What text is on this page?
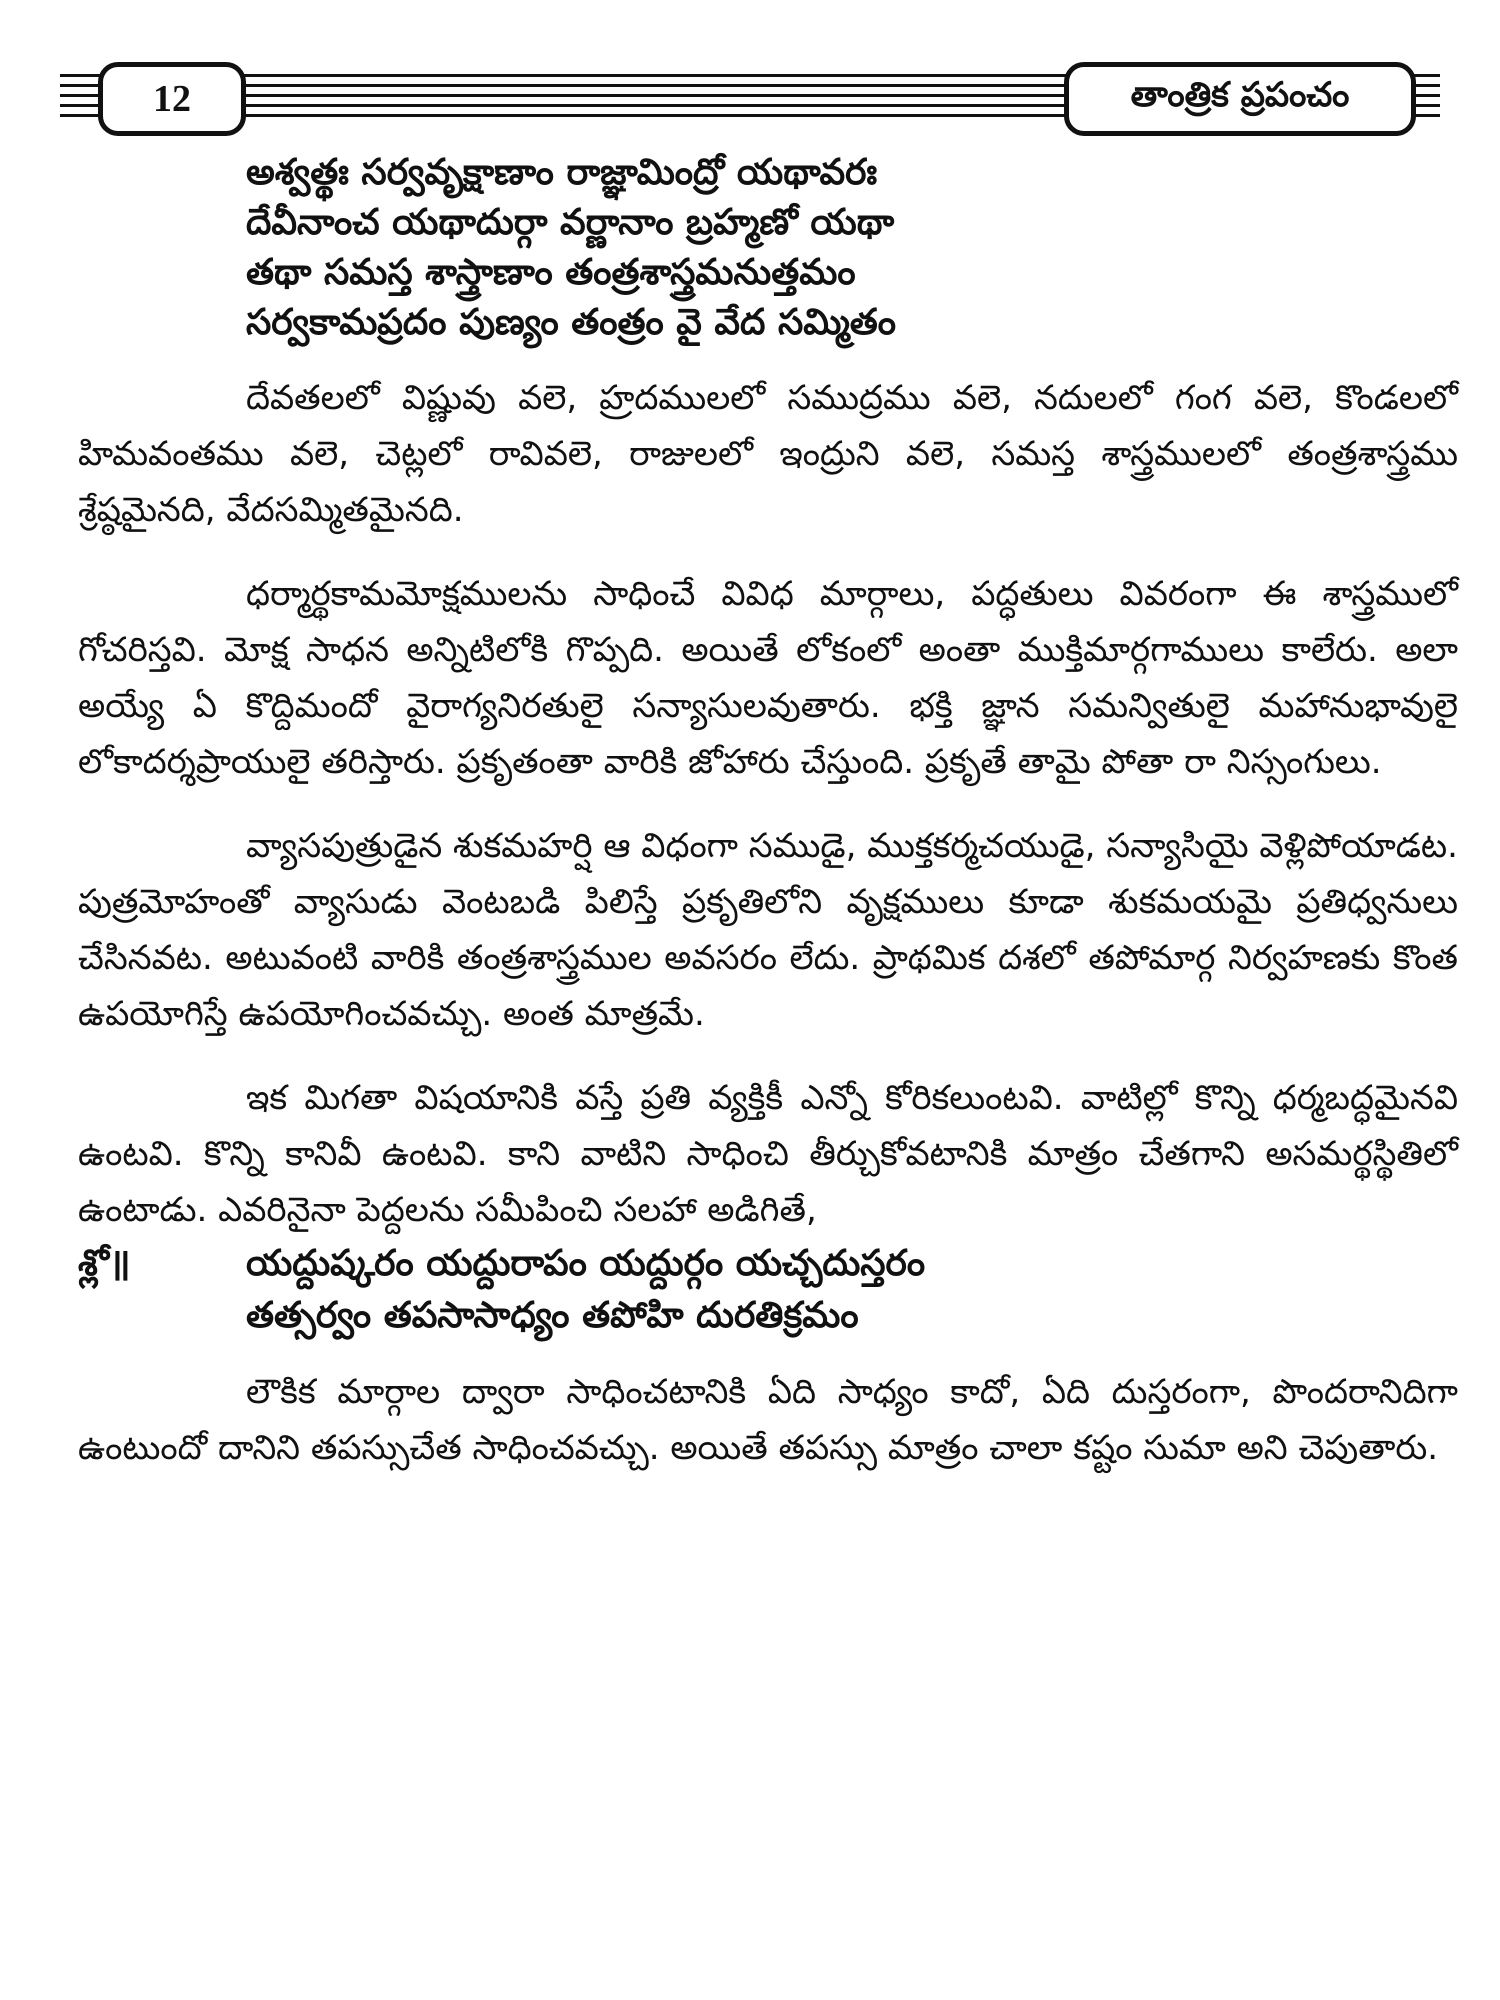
12	తాంత్రిక ప్రపంచం
అశ్వత్థః సర్వవృక్షాణాం రాజ్ఞామింద్రో యథావరః
దేవీనాంచ యథాదుర్గా వర్ణానాం బ్రహ్మణో యథా
తథా సమస్త శాస్త్రాణాం తంత్రశాస్త్రమనుత్తమం
సర్వకామప్రదం పుణ్యం తంత్రం వై వేద సమ్మితం

దేవతలలో విష్ణువు వలె, హ్రదములలో సముద్రము వలె, నదులలో గంగ వలె, కొండలలో హిమవంతము వలె, చెట్లలో రావివలె, రాజులలో ఇంద్రుని వలె, సమస్త శాస్త్రములలో తంత్రశాస్త్రము శ్రేష్ఠమైనది, వేదసమ్మితమైనది.

ధర్మార్థకామమోక్షములను సాధించే వివిధ మార్గాలు, పద్ధతులు వివరంగా ఈ శాస్త్రములో గోచరిస్తవి. మోక్ష సాధన అన్నిటిలోకి గొప్పది. అయితే లోకంలో అంతా ముక్తిమార్గగాములు కాలేరు. అలా అయ్యే ఏ కొద్దిమందో వైరాగ్యనిరతులై సన్యాసులవుతారు. భక్తి జ్ఞాన సమన్వితులై మహానుభావులై లోకాదర్శప్రాయులై తరిస్తారు. ప్రకృతంతా వారికి జోహారు చేస్తుంది. ప్రకృతే తామై పోతా రా నిస్సంగులు.

వ్యాసపుత్రుడైన శుకమహర్షి ఆ విధంగా సముడై, ముక్తకర్మచయుడై, సన్యాసియై వెళ్లిపోయాడట. పుత్రమోహంతో వ్యాసుడు వెంటబడి పిలిస్తే ప్రకృతిలోని వృక్షములు కూడా శుకమయమై ప్రతిధ్వనులు చేసినవట. అటువంటి వారికి తంత్రశాస్త్రముల అవసరం లేదు. ప్రాథమిక దశలో తపోమార్గ నిర్వహణకు కొంత ఉపయోగిస్తే ఉపయోగించవచ్చు. అంత మాత్రమే.

ఇక మిగతా విషయానికి వస్తే ప్రతి వ్యక్తికీ ఎన్నో కోరికలుంటవి. వాటిల్లో కొన్ని ధర్మబద్ధమైనవి ఉంటవి. కొన్ని కానివీ ఉంటవి. కాని వాటిని సాధించి తీర్చుకోవటానికి మాత్రం చేతగాని అసమర్థస్థితిలో ఉంటాడు. ఎవరినైనా పెద్దలను సమీపించి సలహా అడిగితే,

శ్లో॥	యద్దుష్కరం యద్దురాపం యద్దుర్గం యచ్చదుస్తరం
తత్సర్వం తపసాసాధ్యం తపోహి దురతిక్రమం

లౌకిక మార్గాల ద్వారా సాధించటానికి ఏది సాధ్యం కాదో, ఏది దుస్తరంగా, పొందరానిదిగా ఉంటుందో దానిని తపస్సుచేత సాధించవచ్చు. అయితే తపస్సు మాత్రం చాలా కష్టం సుమా అని చెపుతారు.
